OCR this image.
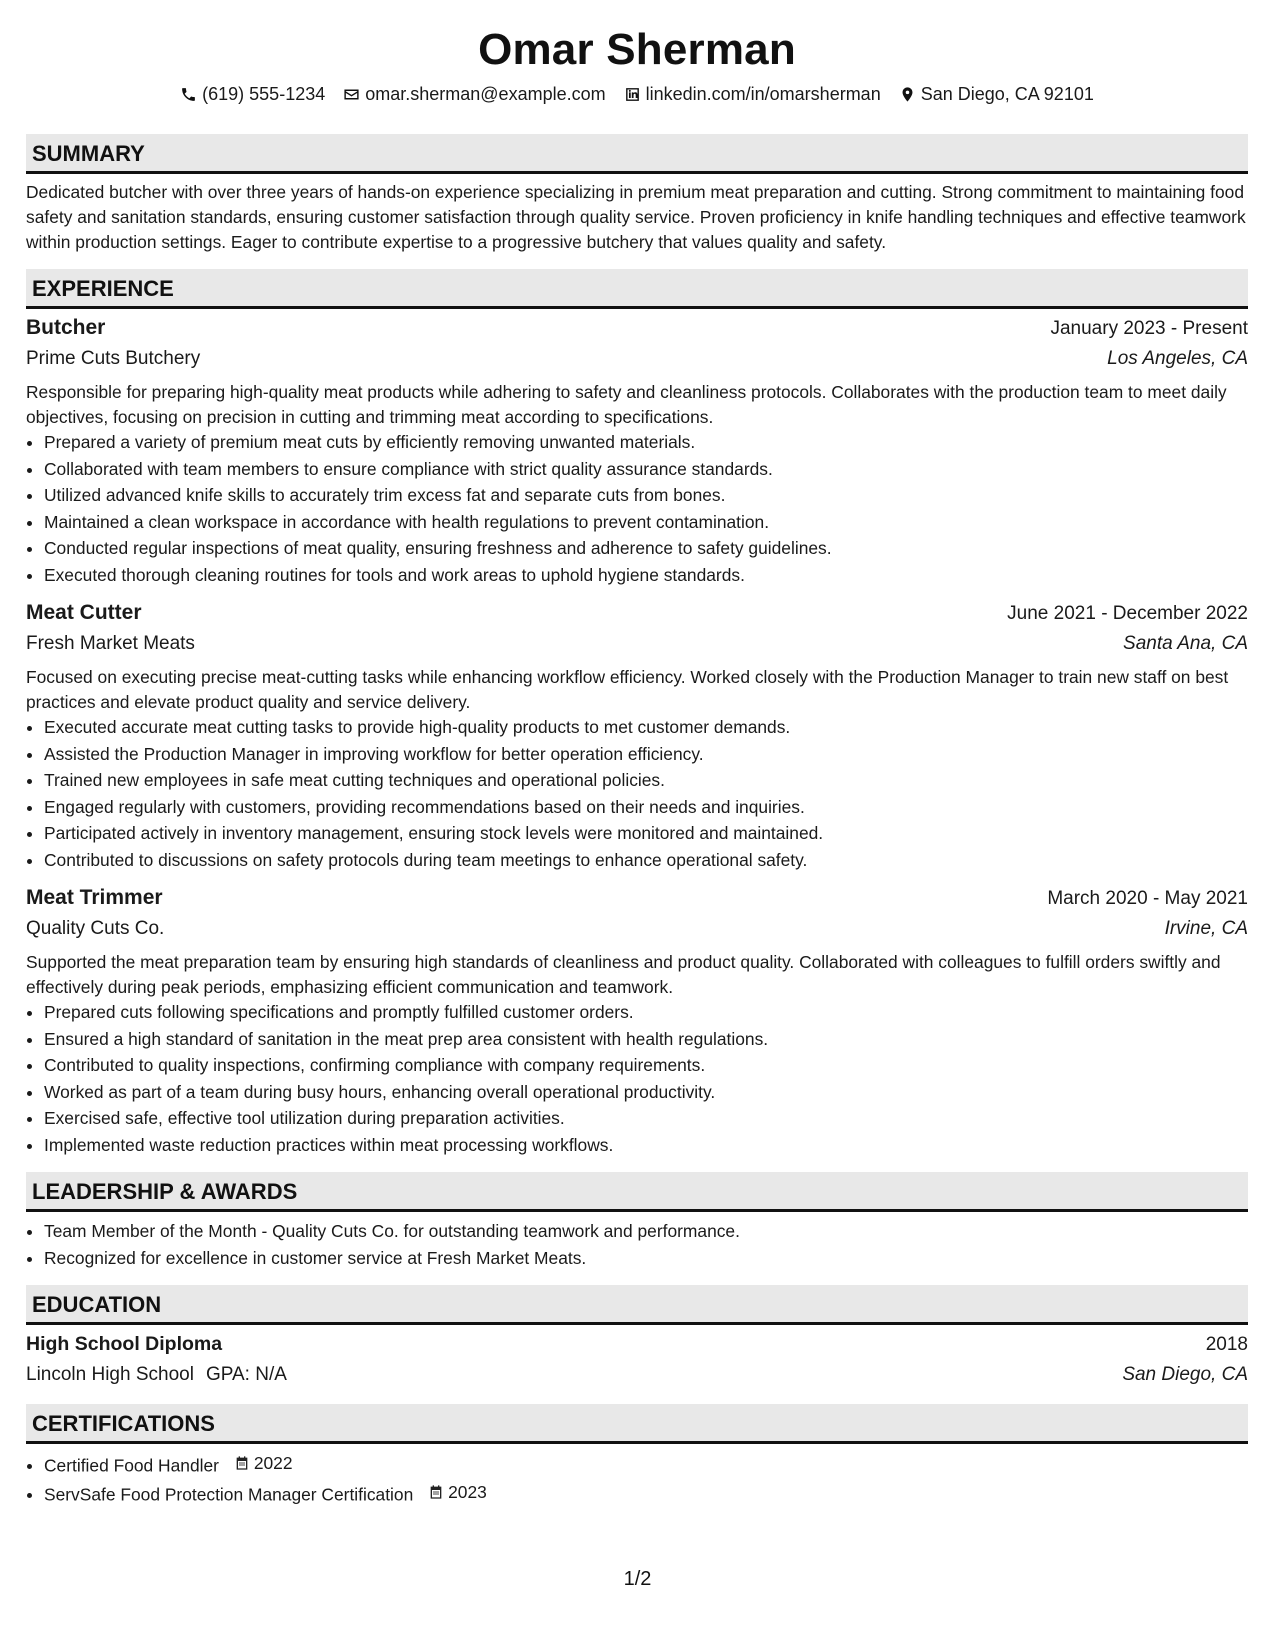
Omar Sherman
(619) 555-1234 omar.sherman@example.com linkedin.com/in/omarsherman San Diego, CA 92101
SUMMARY
Dedicated butcher with over three years of hands-on experience specializing in premium meat preparation and cutting. Strong commitment to maintaining food safety and sanitation standards, ensuring customer satisfaction through quality service. Proven proficiency in knife handling techniques and effective teamwork within production settings. Eager to contribute expertise to a progressive butchery that values quality and safety.
EXPERIENCE
Butcher	January 2023 - Present
Prime Cuts Butchery	Los Angeles, CA
Responsible for preparing high-quality meat products while adhering to safety and cleanliness protocols. Collaborates with the production team to meet daily objectives, focusing on precision in cutting and trimming meat according to specifications.
• Prepared a variety of premium meat cuts by efficiently removing unwanted materials.
• Collaborated with team members to ensure compliance with strict quality assurance standards.
• Utilized advanced knife skills to accurately trim excess fat and separate cuts from bones.
• Maintained a clean workspace in accordance with health regulations to prevent contamination.
• Conducted regular inspections of meat quality, ensuring freshness and adherence to safety guidelines.
• Executed thorough cleaning routines for tools and work areas to uphold hygiene standards.
Meat Cutter	June 2021 - December 2022
Fresh Market Meats	Santa Ana, CA
Focused on executing precise meat-cutting tasks while enhancing workflow efficiency. Worked closely with the Production Manager to train new staff on best practices and elevate product quality and service delivery.
• Executed accurate meat cutting tasks to provide high-quality products to met customer demands.
• Assisted the Production Manager in improving workflow for better operation efficiency.
• Trained new employees in safe meat cutting techniques and operational policies.
• Engaged regularly with customers, providing recommendations based on their needs and inquiries.
• Participated actively in inventory management, ensuring stock levels were monitored and maintained.
• Contributed to discussions on safety protocols during team meetings to enhance operational safety.
Meat Trimmer	March 2020 - May 2021
Quality Cuts Co.	Irvine, CA
Supported the meat preparation team by ensuring high standards of cleanliness and product quality. Collaborated with colleagues to fulfill orders swiftly and effectively during peak periods, emphasizing efficient communication and teamwork.
• Prepared cuts following specifications and promptly fulfilled customer orders.
• Ensured a high standard of sanitation in the meat prep area consistent with health regulations.
• Contributed to quality inspections, confirming compliance with company requirements.
• Worked as part of a team during busy hours, enhancing overall operational productivity.
• Exercised safe, effective tool utilization during preparation activities.
• Implemented waste reduction practices within meat processing workflows.
LEADERSHIP & AWARDS
• Team Member of the Month - Quality Cuts Co. for outstanding teamwork and performance.
• Recognized for excellence in customer service at Fresh Market Meats.
EDUCATION
High School Diploma	2018
Lincoln High School GPA: N/A	San Diego, CA
CERTIFICATIONS
• Certified Food Handler 2022
• ServSafe Food Protection Manager Certification 2023
1/2
